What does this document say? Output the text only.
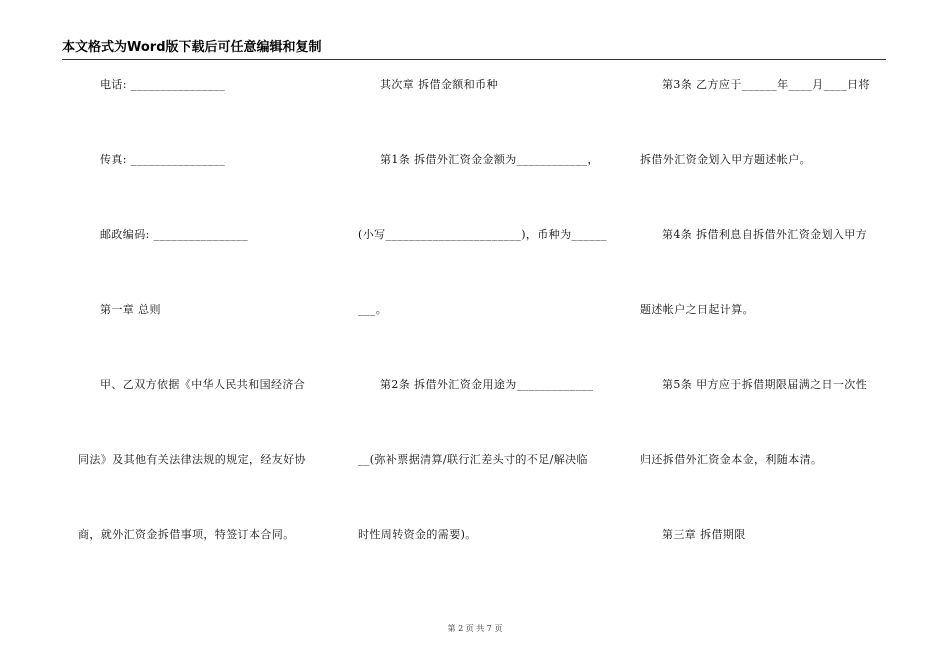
本文格式为Word版下载后可任意编辑和复制
电话: ________________
传真: ________________
邮政编码: ________________
第一章 总则
甲、乙双方依据《中华人民共和国经济合
同法》及其他有关法律法规的规定，经友好协
商，就外汇资金拆借事项，特签订本合同。
其次章 拆借金额和币种
第1条 拆借外汇资金金额为____________，
(小写_______________________)，币种为______
___。
第2条 拆借外汇资金用途为_____________
__(弥补票据清算/联行汇差头寸的不足/解决临
时性周转资金的需要)。
第3条 乙方应于______年____月____日将
拆借外汇资金划入甲方题述帐户。
第4条 拆借利息自拆借外汇资金划入甲方
题述帐户之日起计算。
第5条 甲方应于拆借期限届满之日一次性
归还拆借外汇资金本金，利随本清。
第三章 拆借期限
第 2 页 共 7 页
